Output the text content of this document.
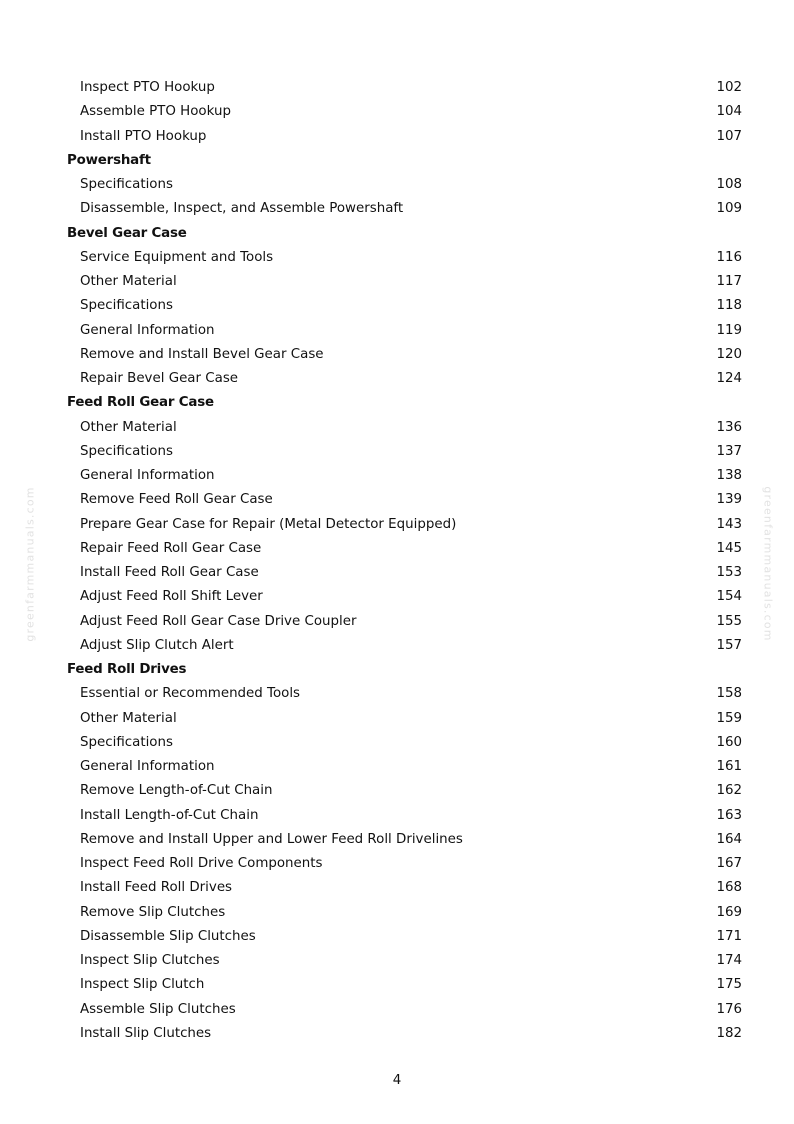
Inspect PTO Hookup	102
Assemble PTO Hookup	104
Install PTO Hookup	107
Powershaft
Specifications	108
Disassemble, Inspect, and Assemble Powershaft	109
Bevel Gear Case
Service Equipment and Tools	116
Other Material	117
Specifications	118
General Information	119
Remove and Install Bevel Gear Case	120
Repair Bevel Gear Case	124
Feed Roll Gear Case
Other Material	136
Specifications	137
General Information	138
Remove Feed Roll Gear Case	139
Prepare Gear Case for Repair (Metal Detector Equipped)	143
Repair Feed Roll Gear Case	145
Install Feed Roll Gear Case	153
Adjust Feed Roll Shift Lever	154
Adjust Feed Roll Gear Case Drive Coupler	155
Adjust Slip Clutch Alert	157
Feed Roll Drives
Essential or Recommended Tools	158
Other Material	159
Specifications	160
General Information	161
Remove Length-of-Cut Chain	162
Install Length-of-Cut Chain	163
Remove and Install Upper and Lower Feed Roll Drivelines	164
Inspect Feed Roll Drive Components	167
Install Feed Roll Drives	168
Remove Slip Clutches	169
Disassemble Slip Clutches	171
Inspect Slip Clutches	174
Inspect Slip Clutch	175
Assemble Slip Clutches	176
Install Slip Clutches	182
4
greenfarmmanuals.com	greenfarmmanuals.com
